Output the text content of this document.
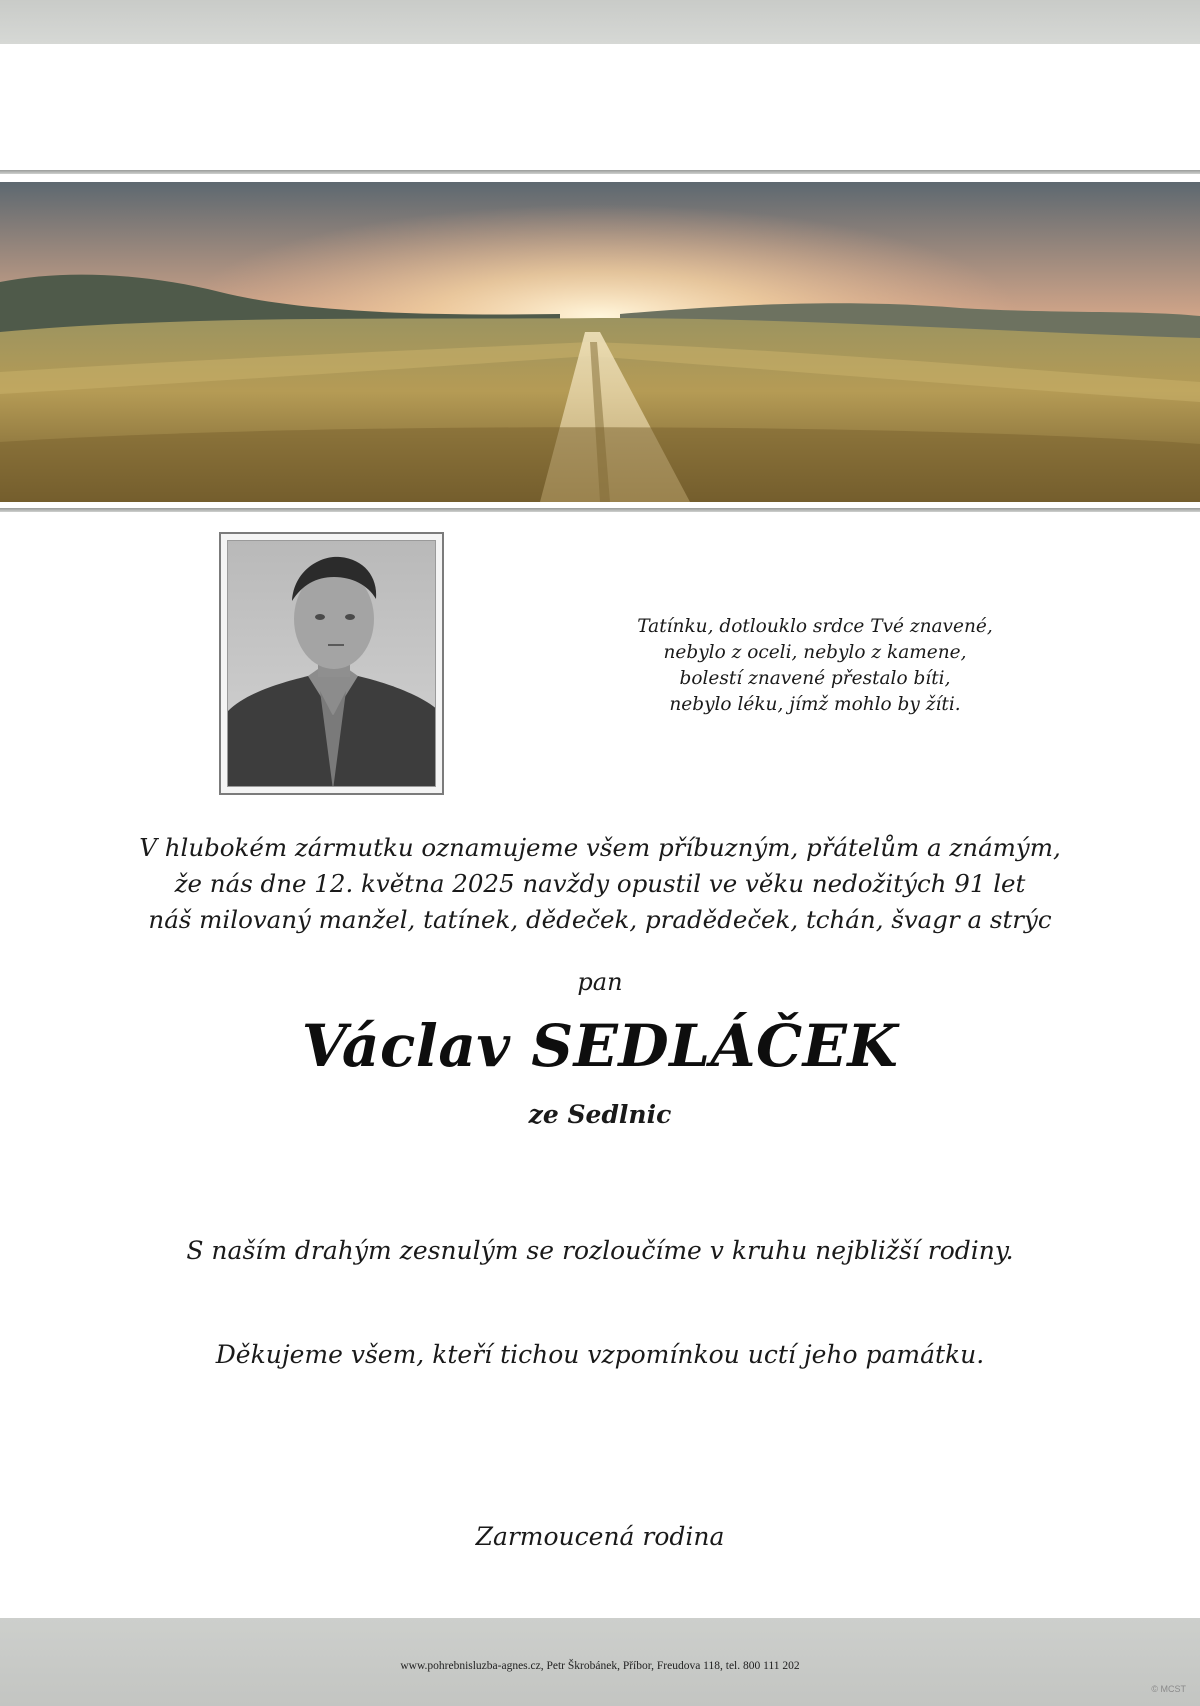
Tatínku, dotlouklo srdce Tvé znavené,
nebylo z oceli, nebylo z kamene,
bolestí znavené přestalo bíti,
nebylo léku, jímž mohlo by žíti.
V hlubokém zármutku oznamujeme všem příbuzným, přátelům a známým,
že nás dne 12. května 2025 navždy opustil ve věku nedožitých 91 let
náš milovaný manžel, tatínek, dědeček, pradědeček, tchán, švagr a strýc
pan
Václav SEDLÁČEK
ze Sedlnic
S naším drahým zesnulým se rozloučíme v kruhu nejbližší rodiny.
Děkujeme všem, kteří tichou vzpomínkou uctí jeho památku.
Zarmoucená rodina
www.pohrebnisluzba-agnes.cz, Petr Škrobánek, Příbor, Freudova 118, tel. 800 111 202
© MCST
